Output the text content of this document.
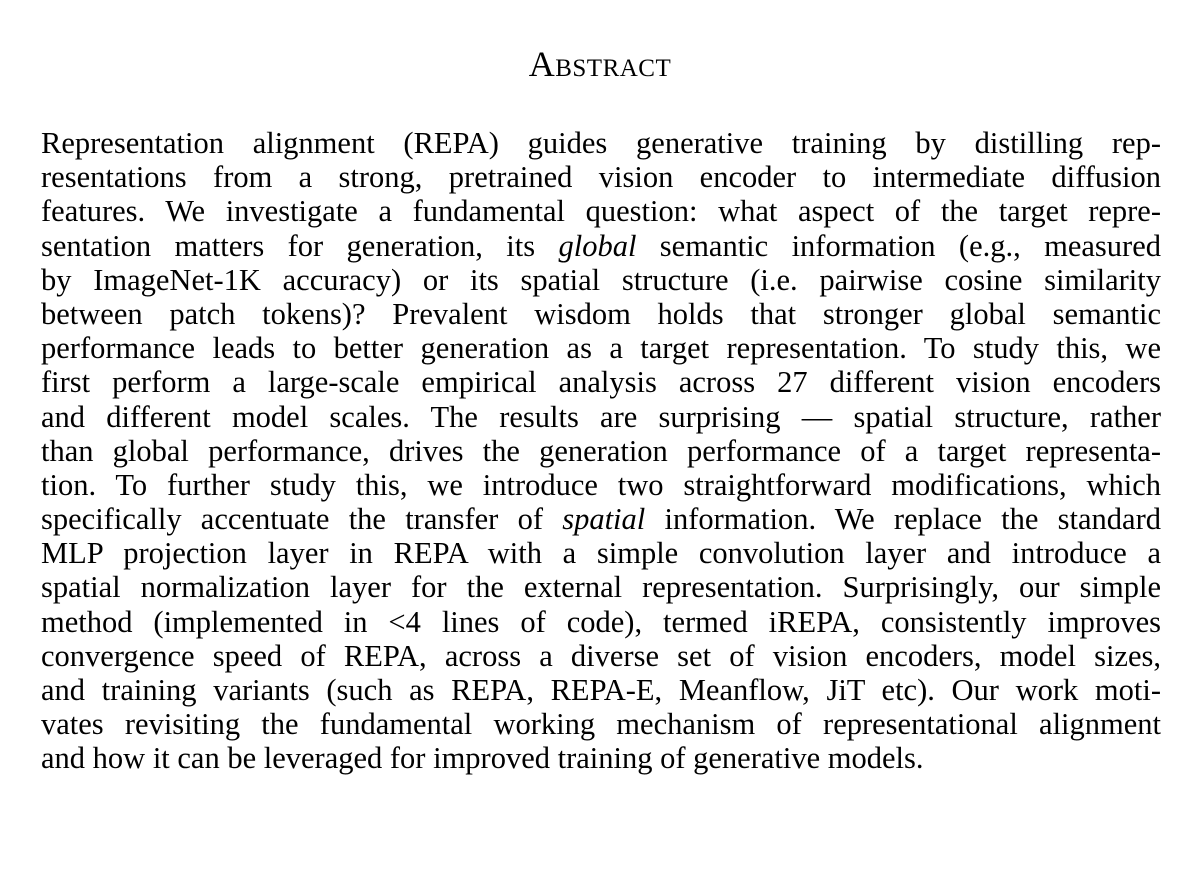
Abstract
Representation alignment (REPA) guides generative training by distilling rep-
resentations from a strong, pretrained vision encoder to intermediate diffusion
features. We investigate a fundamental question: what aspect of the target repre-
sentation matters for generation, its global semantic information (e.g., measured
by ImageNet-1K accuracy) or its spatial structure (i.e. pairwise cosine similarity
between patch tokens)? Prevalent wisdom holds that stronger global semantic
performance leads to better generation as a target representation. To study this, we
first perform a large-scale empirical analysis across 27 different vision encoders
and different model scales. The results are surprising — spatial structure, rather
than global performance, drives the generation performance of a target representa-
tion. To further study this, we introduce two straightforward modifications, which
specifically accentuate the transfer of spatial information. We replace the standard
MLP projection layer in REPA with a simple convolution layer and introduce a
spatial normalization layer for the external representation. Surprisingly, our simple
method (implemented in <4 lines of code), termed iREPA, consistently improves
convergence speed of REPA, across a diverse set of vision encoders, model sizes,
and training variants (such as REPA, REPA-E, Meanflow, JiT etc). Our work moti-
vates revisiting the fundamental working mechanism of representational alignment
and how it can be leveraged for improved training of generative models.
